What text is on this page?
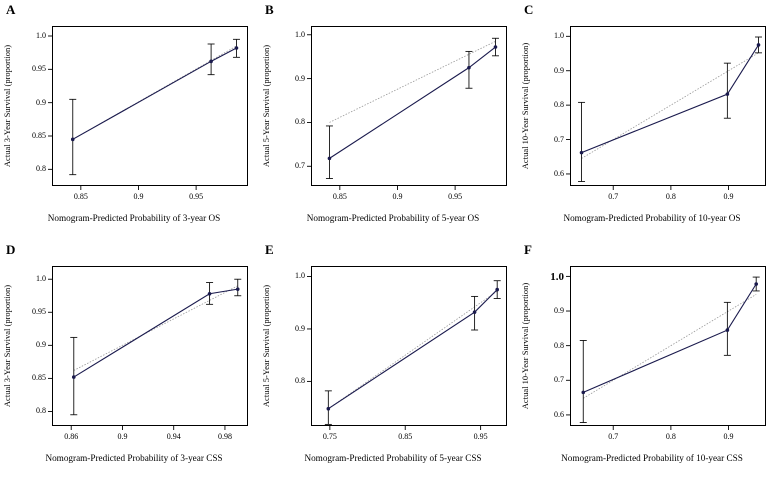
A
Actual 3-Year Survival (proportion)
Nomogram-Predicted Probability of 3-year OS
0.85	0.9	0.95
0.8
0.85
0.9
0.95
1.0
B
Actual 5-Year Survival (proportion)
Nomogram-Predicted Probability of 5-year OS
0.85	0.9	0.95
0.7
0.8
0.9
1.0
C
Actual 10-Year Survival (proportion)
Nomogram-Predicted Probability of 10-year OS
0.7	0.8	0.9
0.6
0.7
0.8
0.9
1.0
D
Actual 3-Year Survival (proportion)
Nomogram-Predicted Probability of 3-year CSS
0.86	0.9	0.94	0.98
0.8
0.85
0.9
0.95
1.0
E
Actual 5-Year Survival (proportion)
Nomogram-Predicted Probability of 5-year CSS
0.75	0.85	0.95
0.8
0.9
1.0
F
Actual 10-Year Survival (proportion)
Nomogram-Predicted Probability of 10-year CSS
0.7	0.8	0.9
0.6
0.7
0.8
0.9
1.0
